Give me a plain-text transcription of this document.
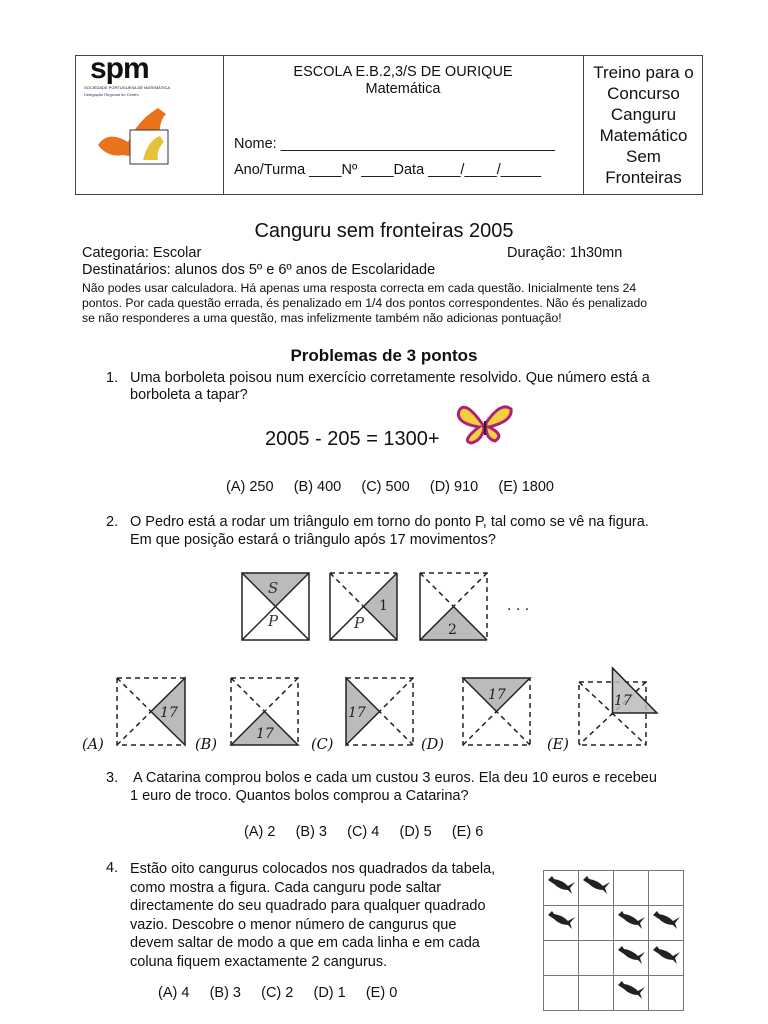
spm
SOCIEDADE PORTUGUESA DE MATEMÁTICA
Delegação Regional do Centro
ESCOLA E.B.2,3/S DE OURIQUE
Matemática
Nome: __________________________________
Ano/Turma ____Nº ____Data ____/____/_____
Treino para o
Concurso
Canguru
Matemático
Sem
Fronteiras
Canguru sem fronteiras 2005
Categoria: Escolar	Duração: 1h30mn
Destinatários: alunos dos 5º e 6º anos de Escolaridade
Não podes usar calculadora. Há apenas uma resposta correcta em cada questão. Inicialmente tens 24
pontos. Por cada questão errada, és penalizado em 1/4 dos pontos correspondentes. Não és penalizado
se não responderes a uma questão, mas infelizmente também não adicionas pontuação!
Problemas de 3 pontos
1. Uma borboleta poisou num exercício corretamente resolvido. Que número está a
borboleta a tapar?
2005 - 205 = 1300+
(A) 250     (B) 400     (C) 500     (D) 910     (E) 1800
2. O Pedro está a rodar um triângulo em torno do ponto P, tal como se vê na figura.
Em que posição estará o triângulo após 17 movimentos?
S
P	P
1
2
. . .
17
17
17
17	17
(A)	(B)	(C)	(D)	(E)
3. A Catarina comprou bolos e cada um custou 3 euros. Ela deu 10 euros e recebeu
1 euro de troco. Quantos bolos comprou a Catarina?
(A) 2     (B) 3     (C) 4     (D) 5     (E) 6
4. Estão oito cangurus colocados nos quadrados da tabela,
como mostra a figura. Cada canguru pode saltar
directamente do seu quadrado para qualquer quadrado
vazio. Descobre o menor número de cangurus que
devem saltar de modo a que em cada linha e em cada
coluna fiquem exactamente 2 cangurus.
(A) 4     (B) 3     (C) 2     (D) 1     (E) 0
